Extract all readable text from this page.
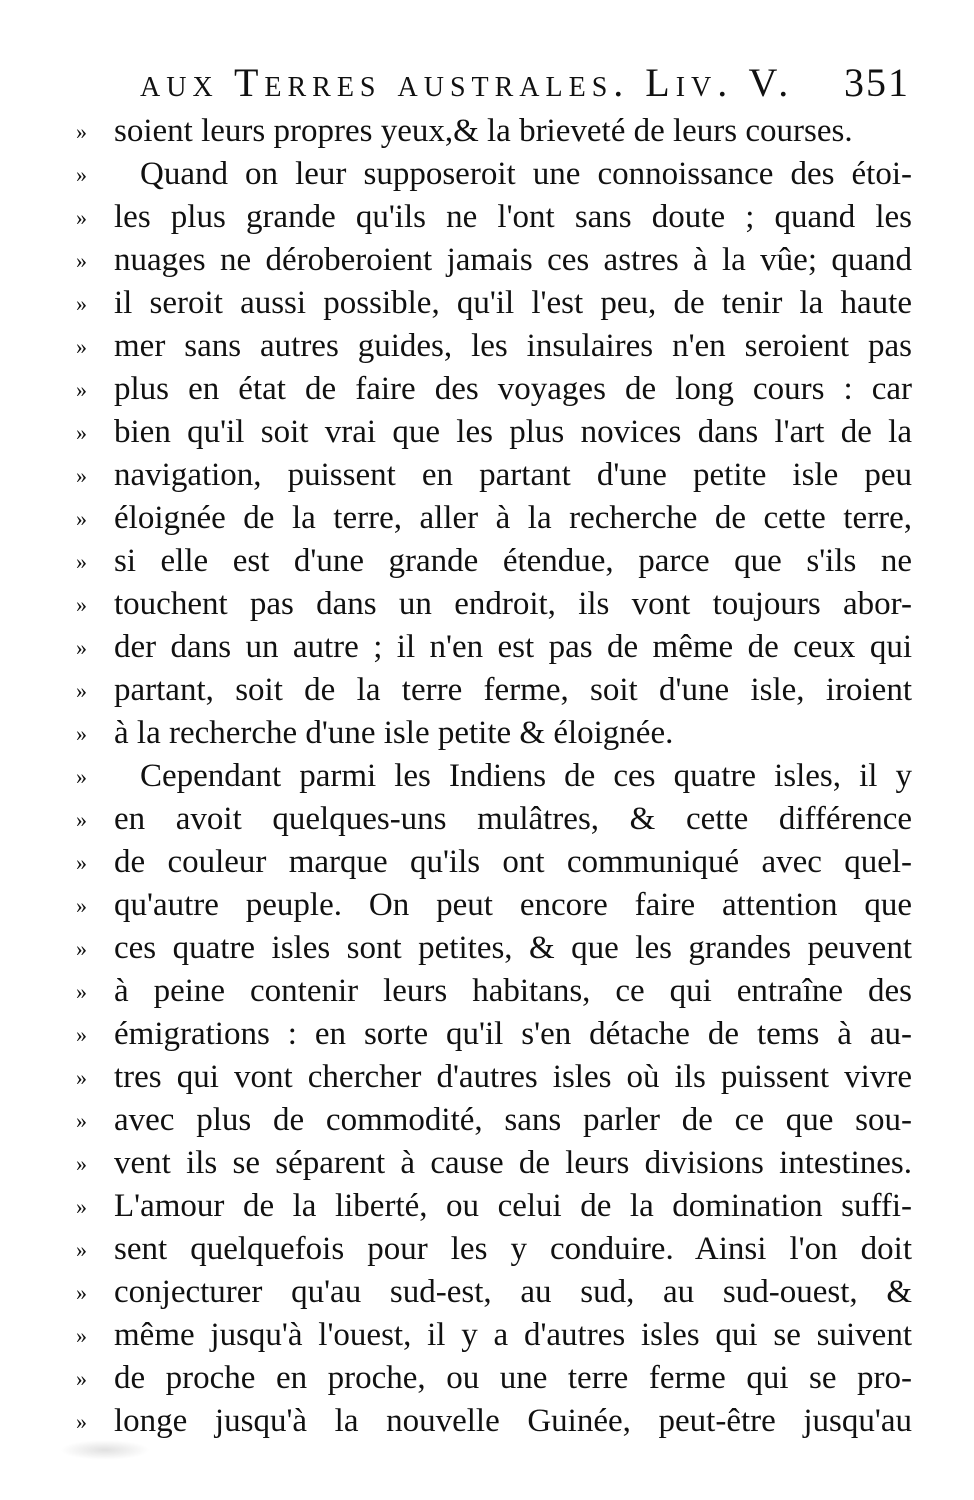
aux Terres australes. Liv. V. 351
» soient leurs propres yeux,& la brieveté de leurs courses.
»	Quand on leur supposeroit une connoissance des étoi-
» les plus grande qu'ils ne l'ont sans doute ; quand les
» nuages ne déroberoient jamais ces astres à la vûe; quand
» il seroit aussi possible, qu'il l'est peu, de tenir la haute
» mer sans autres guides, les insulaires n'en seroient pas
» plus en état de faire des voyages de long cours : car
» bien qu'il soit vrai que les plus novices dans l'art de la
» navigation, puissent en partant d'une petite isle peu
» éloignée de la terre, aller à la recherche de cette terre,
» si elle est d'une grande étendue, parce que s'ils ne
» touchent pas dans un endroit, ils vont toujours abor-
» der dans un autre ; il n'en est pas de même de ceux qui
» partant, soit de la terre ferme, soit d'une isle, iroient
» à la recherche d'une isle petite & éloignée.
»	Cependant parmi les Indiens de ces quatre isles, il y
» en avoit quelques-uns mulâtres, & cette différence
» de couleur marque qu'ils ont communiqué avec quel-
» qu'autre peuple. On peut encore faire attention que
» ces quatre isles sont petites, & que les grandes peuvent
» à peine contenir leurs habitans, ce qui entraîne des
» émigrations : en sorte qu'il s'en détache de tems à au-
» tres qui vont chercher d'autres isles où ils puissent vivre
» avec plus de commodité, sans parler de ce que sou-
» vent ils se séparent à cause de leurs divisions intestines.
» L'amour de la liberté, ou celui de la domination suffi-
» sent quelquefois pour les y conduire. Ainsi l'on doit
» conjecturer qu'au sud-est, au sud, au sud-ouest, &
» même jusqu'à l'ouest, il y a d'autres isles qui se suivent
» de proche en proche, ou une terre ferme qui se pro-
» longe jusqu'à la nouvelle Guinée, peut-être jusqu'au
